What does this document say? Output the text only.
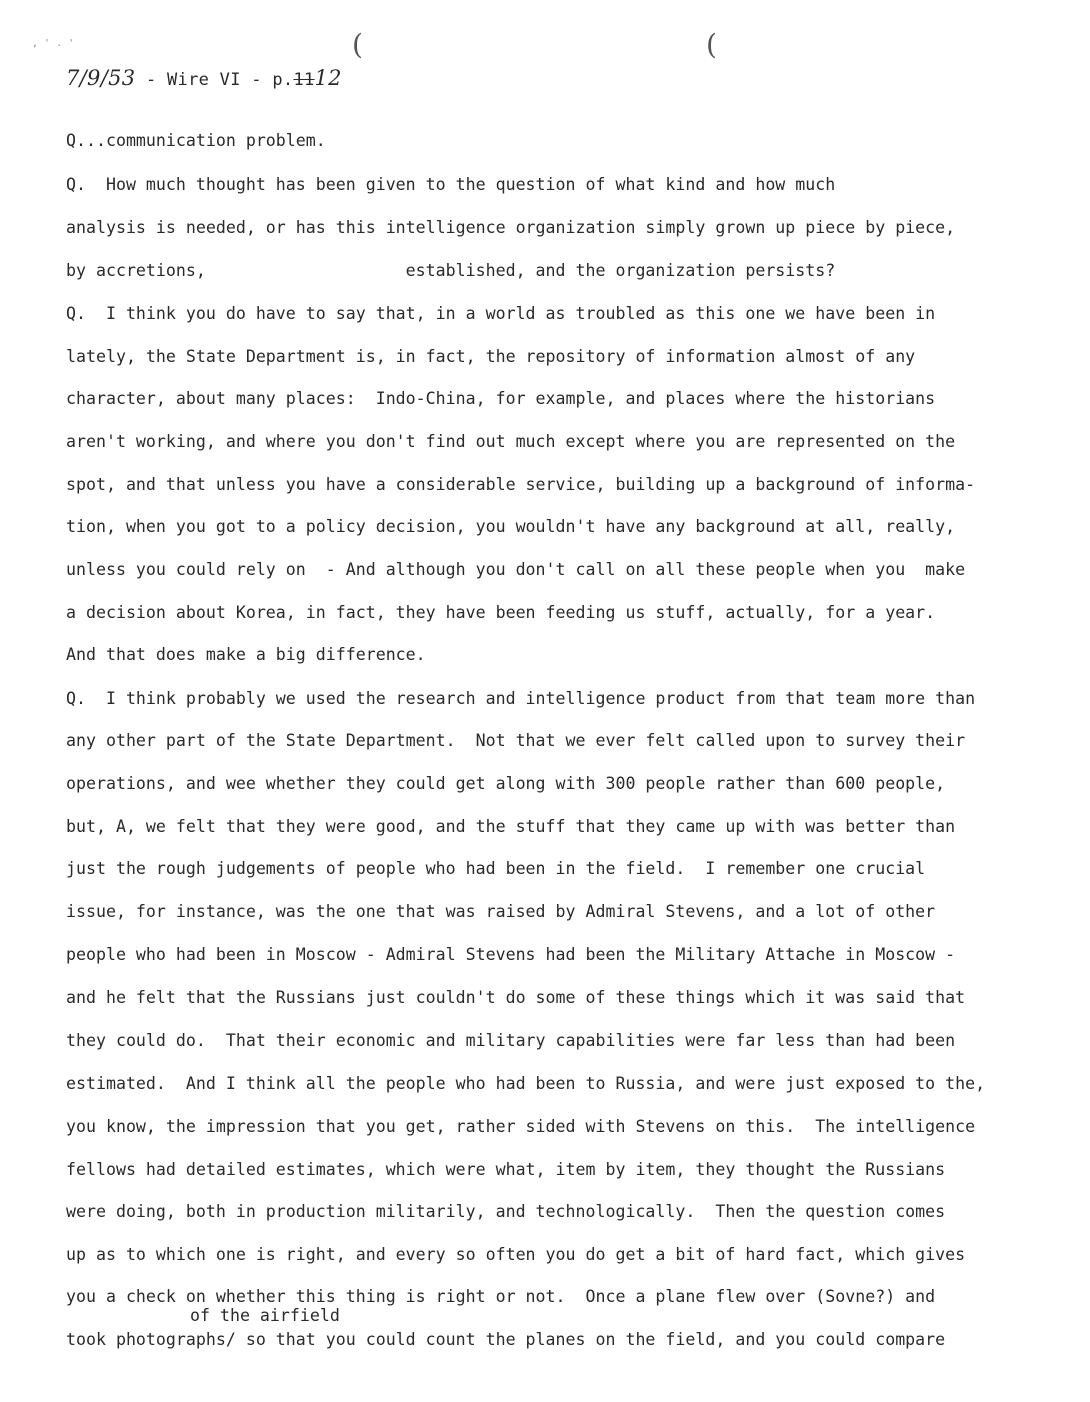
, ' . '	(	(
7/9/53 - Wire VI - p.1112
of the airfield
Q...communication problem.
Q.  How much thought has been given to the question of what kind and how much
analysis is needed, or has this intelligence organization simply grown up piece by piece,
by accretions,                    established, and the organization persists?
Q.  I think you do have to say that, in a world as troubled as this one we have been in
lately, the State Department is, in fact, the repository of information almost of any
character, about many places:  Indo-China, for example, and places where the historians
aren't working, and where you don't find out much except where you are represented on the
spot, and that unless you have a considerable service, building up a background of informa-
tion, when you got to a policy decision, you wouldn't have any background at all, really,
unless you could rely on  - And although you don't call on all these people when you  make
a decision about Korea, in fact, they have been feeding us stuff, actually, for a year.
And that does make a big difference.
Q.  I think probably we used the research and intelligence product from that team more than
any other part of the State Department.  Not that we ever felt called upon to survey their
operations, and wee whether they could get along with 300 people rather than 600 people,
but, A, we felt that they were good, and the stuff that they came up with was better than
just the rough judgements of people who had been in the field.  I remember one crucial
issue, for instance, was the one that was raised by Admiral Stevens, and a lot of other
people who had been in Moscow - Admiral Stevens had been the Military Attache in Moscow -
and he felt that the Russians just couldn't do some of these things which it was said that
they could do.  That their economic and military capabilities were far less than had been
estimated.  And I think all the people who had been to Russia, and were just exposed to the,
you know, the impression that you get, rather sided with Stevens on this.  The intelligence
fellows had detailed estimates, which were what, item by item, they thought the Russians
were doing, both in production militarily, and technologically.  Then the question comes
up as to which one is right, and every so often you do get a bit of hard fact, which gives
you a check on whether this thing is right or not.  Once a plane flew over (Sovne?) and
took photographs/ so that you could count the planes on the field, and you could compare
